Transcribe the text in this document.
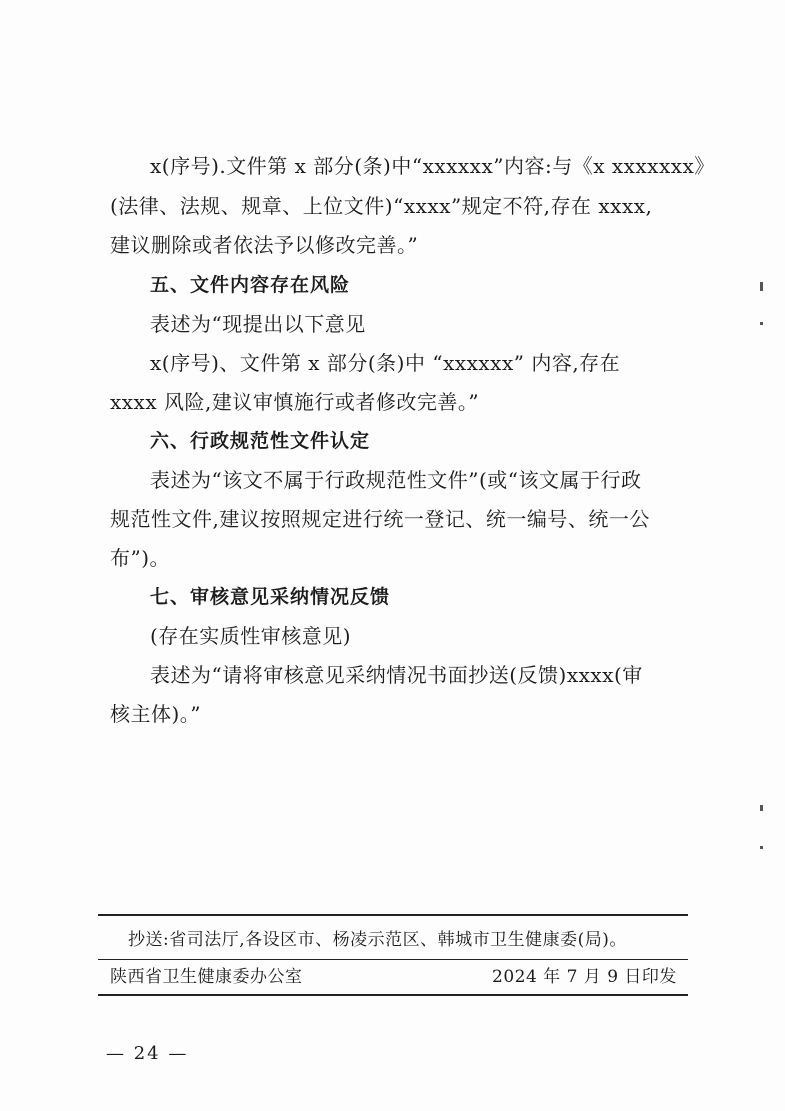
x(序号).文件第 x 部分(条)中“xxxxxx”内容:与《x xxxxxxx》
(法律、法规、规章、上位文件)“xxxx”规定不符,存在 xxxx,
建议删除或者依法予以修改完善。”
五、文件内容存在风险
表述为“现提出以下意见
x(序号)、文件第 x 部分(条)中 “xxxxxx” 内容,存在
xxxx 风险,建议审慎施行或者修改完善。”
六、行政规范性文件认定
表述为“该文不属于行政规范性文件”(或“该文属于行政
规范性文件,建议按照规定进行统一登记、统一编号、统一公
布”)。
七、审核意见采纳情况反馈
(存在实质性审核意见)
表述为“请将审核意见采纳情况书面抄送(反馈)xxxx(审
核主体)。”
抄送:省司法厅,各设区市、杨凌示范区、韩城市卫生健康委(局)。
陕西省卫生健康委办公室	2024 年 7 月 9 日印发
— 24 —
